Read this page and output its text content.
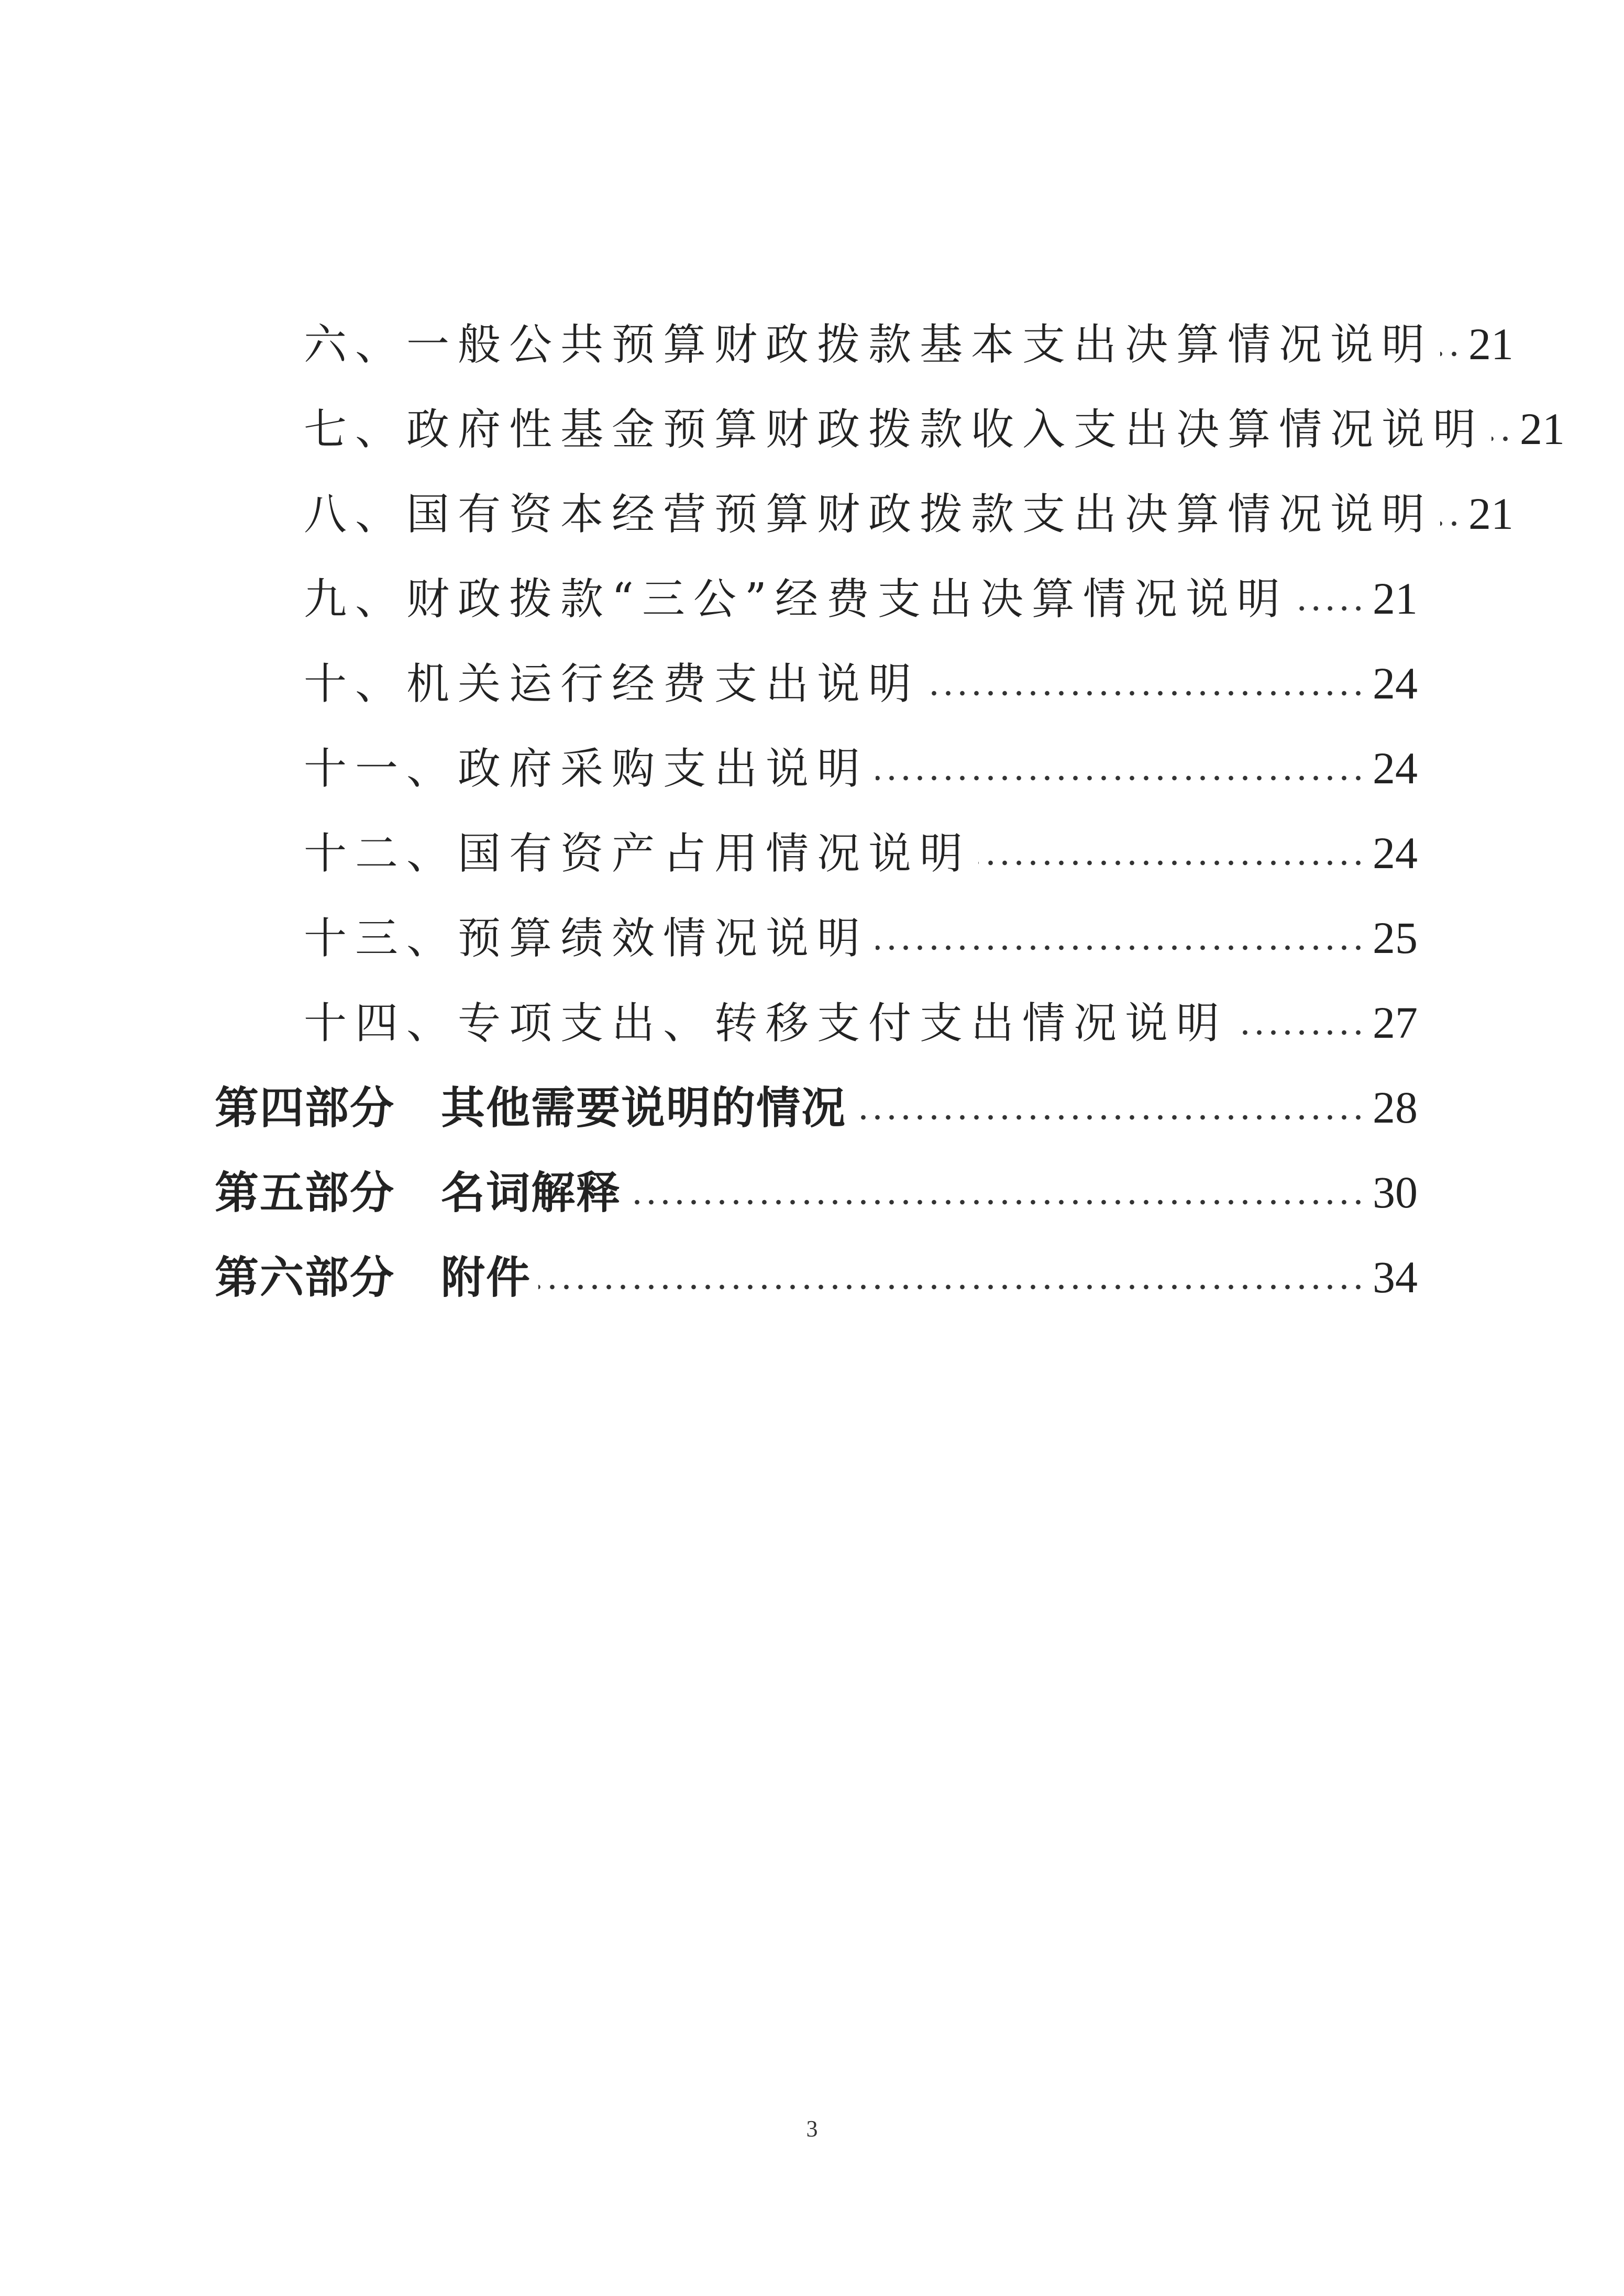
六、一般公共预算财政拨款基本支出决算情况说明 21
七、政府性基金预算财政拨款收入支出决算情况说明 21
八、国有资本经营预算财政拨款支出决算情况说明 21
九、财政拨款“三公”经费支出决算情况说明 21
十、机关运行经费支出说明	24
十一、政府采购支出说明	24
十二、国有资产占用情况说明	24
十三、预算绩效情况说明	25
十四、专项支出、转移支付支出情况说明	27
第四部分 其他需要说明的情况	28
第五部分 名词解释	30
第六部分 附件	34
3
